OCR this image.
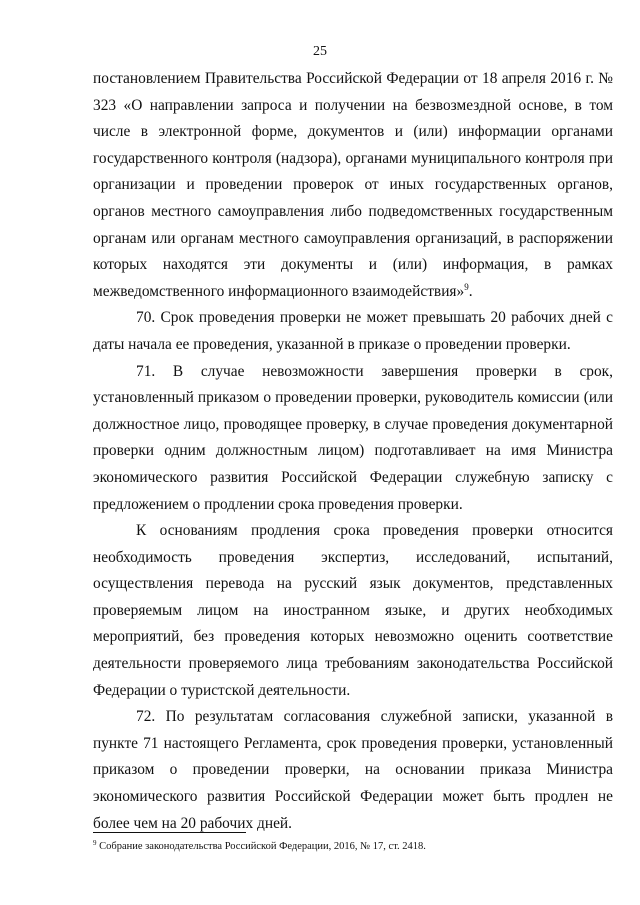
25

постановлением Правительства Российской Федерации от 18 апреля 2016 г. № 323 «О направлении запроса и получении на безвозмездной основе, в том числе в электронной форме, документов и (или) информации органами государственного контроля (надзора), органами муниципального контроля при организации и проведении проверок от иных государственных органов, органов местного самоуправления либо подведомственных государственным органам или органам местного самоуправления организаций, в распоряжении которых находятся эти документы и (или) информация, в рамках межведомственного информационного взаимодействия»$^9$.

70. Срок проведения проверки не может превышать 20 рабочих дней с даты начала ее проведения, указанной в приказе о проведении проверки.

71. В случае невозможности завершения проверки в срок, установленный приказом о проведении проверки, руководитель комиссии (или должностное лицо, проводящее проверку, в случае проведения документарной проверки одним должностным лицом) подготавливает на имя Министра экономического развития Российской Федерации служебную записку с предложением о продлении срока проведения проверки.

К основаниям продления срока проведения проверки относится необходимость проведения экспертиз, исследований, испытаний, осуществления перевода на русский язык документов, представленных проверяемым лицом на иностранном языке, и других необходимых мероприятий, без проведения которых невозможно оценить соответствие деятельности проверяемого лица требованиям законодательства Российской Федерации о туристской деятельности.

72. По результатам согласования служебной записки, указанной в пункте 71 настоящего Регламента, срок проведения проверки, установленный приказом о проведении проверки, на основании приказа Министра экономического развития Российской Федерации может быть продлен не более чем на 20 рабочих дней.

$^9$ Собрание законодательства Российской Федерации, 2016, № 17, ст. 2418.
